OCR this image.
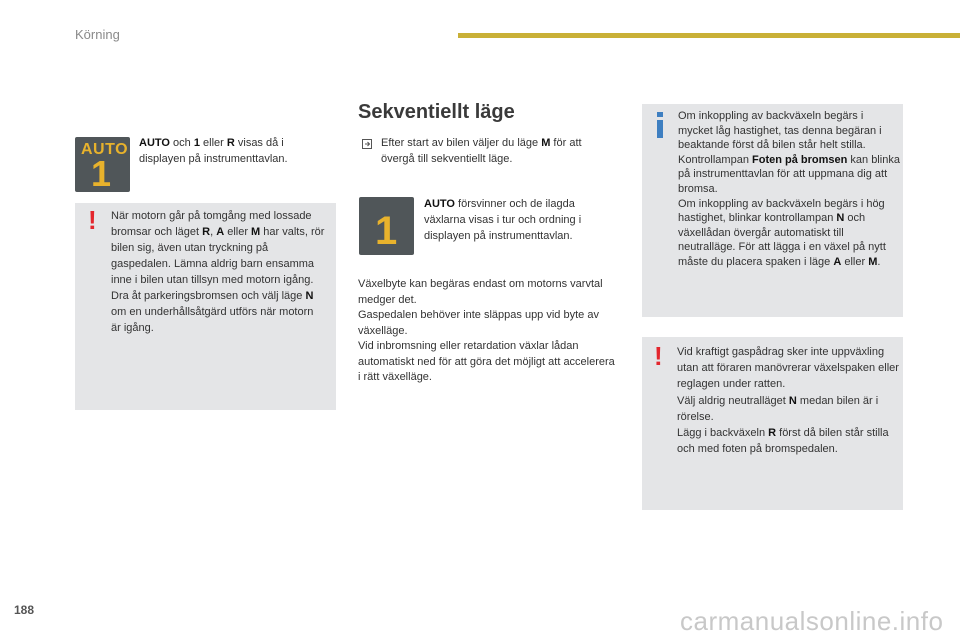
Körning
AUTO
1
AUTO och 1 eller R visas då i displayen på instrumenttavlan.
! När motorn går på tomgång med lossade bromsar och läget R, A eller M har valts, rör bilen sig, även utan tryckning på gaspedalen. Lämna aldrig barn ensamma inne i bilen utan tillsyn med motorn igång. Dra åt parkeringsbromsen och välj läge N om en underhållsåtgärd utförs när motorn är igång.
Sekventiellt läge
Efter start av bilen väljer du läge M för att övergå till sekventiellt läge.
1
AUTO försvinner och de ilagda växlarna visas i tur och ordning i displayen på instrumenttavlan.
Växelbyte kan begäras endast om motorns varvtal medger det.
Gaspedalen behöver inte släppas upp vid byte av växelläge.
Vid inbromsning eller retardation växlar lådan automatiskt ned för att göra det möjligt att accelerera i rätt växelläge.
Om inkoppling av backväxeln begärs i mycket låg hastighet, tas denna begäran i beaktande först då bilen står helt stilla. Kontrollampan Foten på bromsen kan blinka på instrumenttavlan för att uppmana dig att bromsa.
Om inkoppling av backväxeln begärs i hög hastighet, blinkar kontrollampan N och växellådan övergår automatiskt till neutralläge. För att lägga i en växel på nytt måste du placera spaken i läge A eller M.
! Vid kraftigt gaspådrag sker inte uppväxling utan att föraren manövrerar växelspaken eller reglagen under ratten.
Välj aldrig neutralläget N medan bilen är i rörelse.
Lägg i backväxeln R först då bilen står stilla och med foten på bromspedalen.
188	carmanualsonline.info
